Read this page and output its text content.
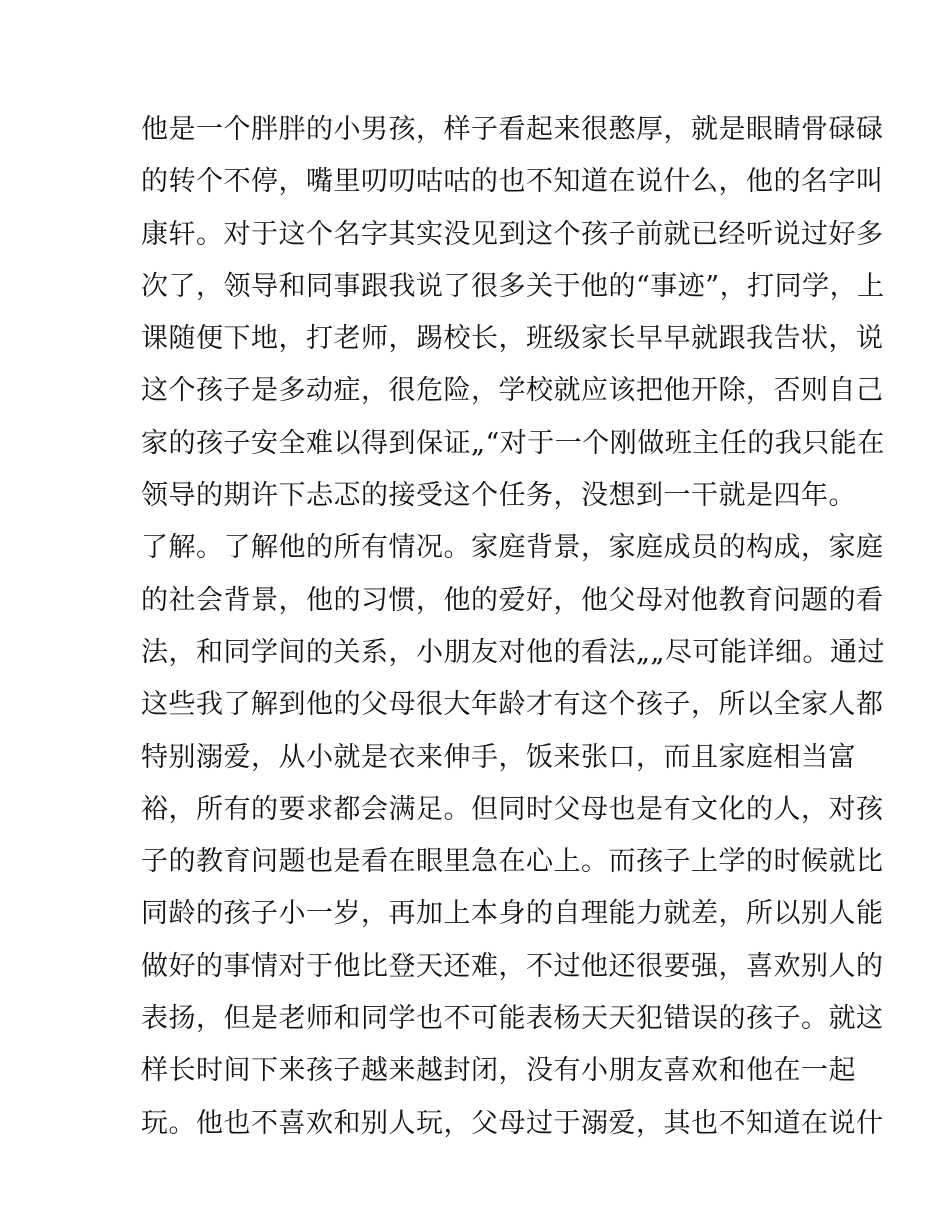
他是一个胖胖的小男孩，样子看起来很憨厚，就是眼睛骨碌碌
的转个不停，嘴里叨叨咕咕的也不知道在说什么，他的名字叫
康轩。对于这个名字其实没见到这个孩子前就已经听说过好多
次了，领导和同事跟我说了很多关于他的“事迹”，打同学，上
课随便下地，打老师，踢校长，班级家长早早就跟我告状，说
这个孩子是多动症，很危险，学校就应该把他开除，否则自己
家的孩子安全难以得到保证„“对于一个刚做班主任的我只能在
领导的期许下忐忑的接受这个任务，没想到一干就是四年。
了解。了解他的所有情况。家庭背景，家庭成员的构成，家庭
的社会背景，他的习惯，他的爱好，他父母对他教育问题的看
法，和同学间的关系，小朋友对他的看法„„尽可能详细。通过
这些我了解到他的父母很大年龄才有这个孩子，所以全家人都
特别溺爱，从小就是衣来伸手，饭来张口，而且家庭相当富
裕，所有的要求都会满足。但同时父母也是有文化的人，对孩
子的教育问题也是看在眼里急在心上。而孩子上学的时候就比
同龄的孩子小一岁，再加上本身的自理能力就差，所以别人能
做好的事情对于他比登天还难，不过他还很要强，喜欢别人的
表扬，但是老师和同学也不可能表杨天天犯错误的孩子。就这
样长时间下来孩子越来越封闭，没有小朋友喜欢和他在一起
玩。他也不喜欢和别人玩，父母过于溺爱，其也不知道在说什
